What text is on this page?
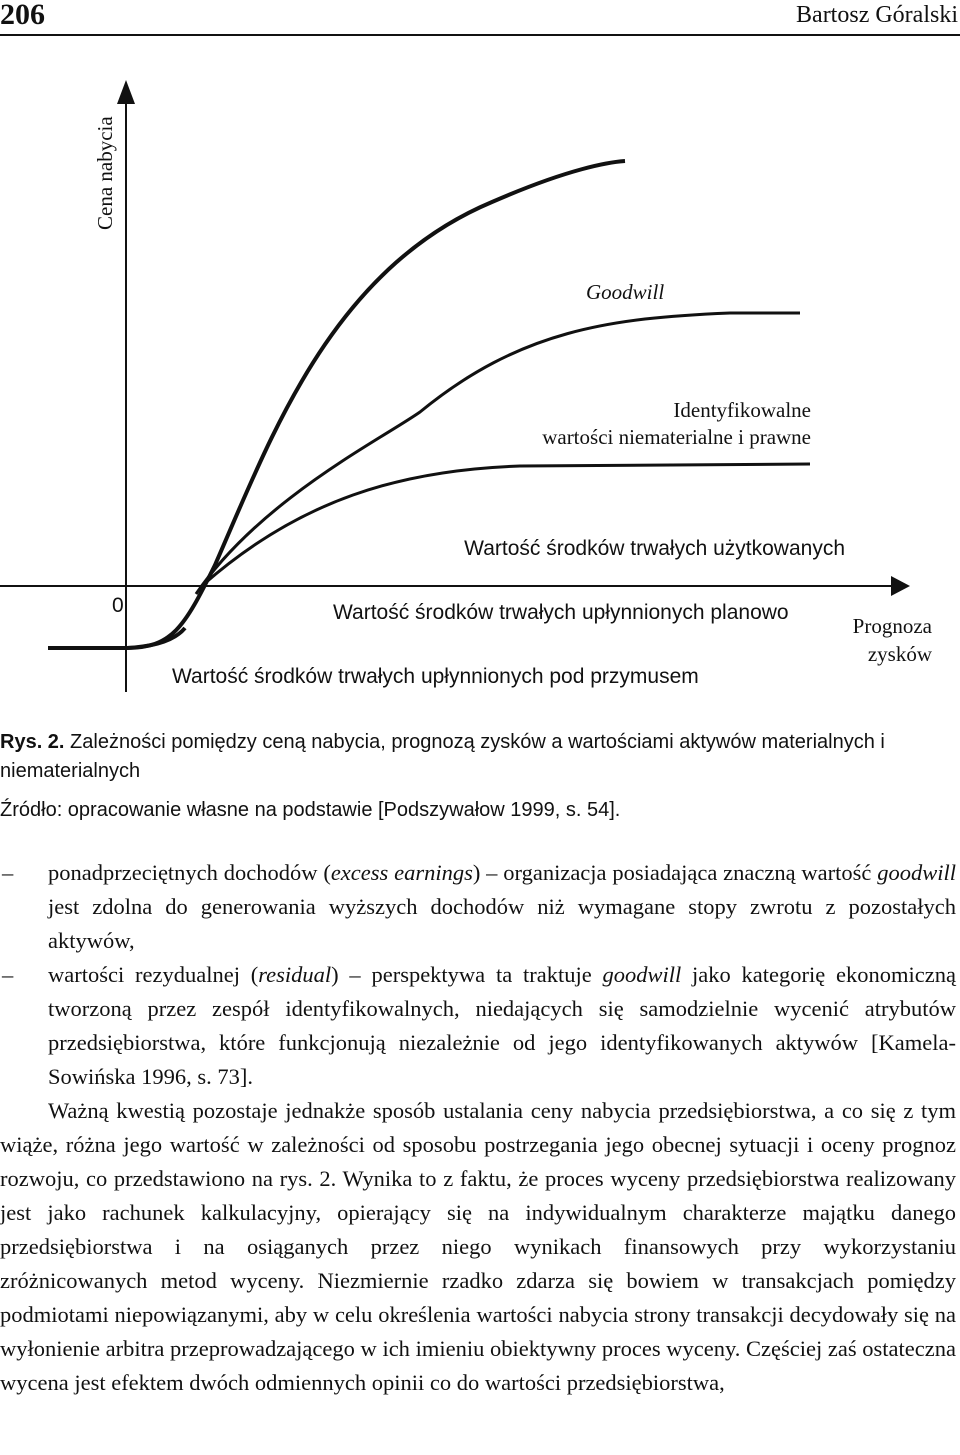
206	Bartosz Góralski
Cena nabycia
Goodwill
Identyfikowalne
wartości niematerialne i prawne
Wartość środków trwałych użytkowanych
0	Wartość środków trwałych upłynnionych planowo
Prognoza
zysków
Wartość środków trwałych upłynnionych pod przymusem
Rys. 2. Zależności pomiędzy ceną nabycia, prognozą zysków a wartościami aktywów materialnych i niematerialnych
Źródło: opracowanie własne na podstawie [Podszywałow 1999, s. 54].
– ponadprzeciętnych dochodów (excess earnings) – organizacja posiadająca znaczną wartość goodwill jest zdolna do generowania wyższych dochodów niż wymagane stopy zwrotu z pozostałych aktywów,
– wartości rezydualnej (residual) – perspektywa ta traktuje goodwill jako kategorię ekonomiczną tworzoną przez zespół identyfikowalnych, niedających się samodzielnie wycenić atrybutów przedsiębiorstwa, które funkcjonują niezależnie od jego identyfikowanych aktywów [Kamela-Sowińska 1996, s. 73].

Ważną kwestią pozostaje jednakże sposób ustalania ceny nabycia przedsiębiorstwa, a co się z tym wiąże, różna jego wartość w zależności od sposobu postrzegania jego obecnej sytuacji i oceny prognoz rozwoju, co przedstawiono na rys. 2. Wynika to z faktu, że proces wyceny przedsiębiorstwa realizowany jest jako rachunek kalkulacyjny, opierający się na indywidualnym charakterze majątku danego przedsiębiorstwa i na osiąganych przez niego wynikach finansowych przy wykorzystaniu zróżnicowanych metod wyceny. Niezmiernie rzadko zdarza się bowiem w transakcjach pomiędzy podmiotami niepowiązanymi, aby w celu określenia wartości nabycia strony transakcji decydowały się na wyłonienie arbitra przeprowadzającego w ich imieniu obiektywny proces wyceny. Częściej zaś ostateczna wycena jest efektem dwóch odmiennych opinii co do wartości przedsiębiorstwa,
